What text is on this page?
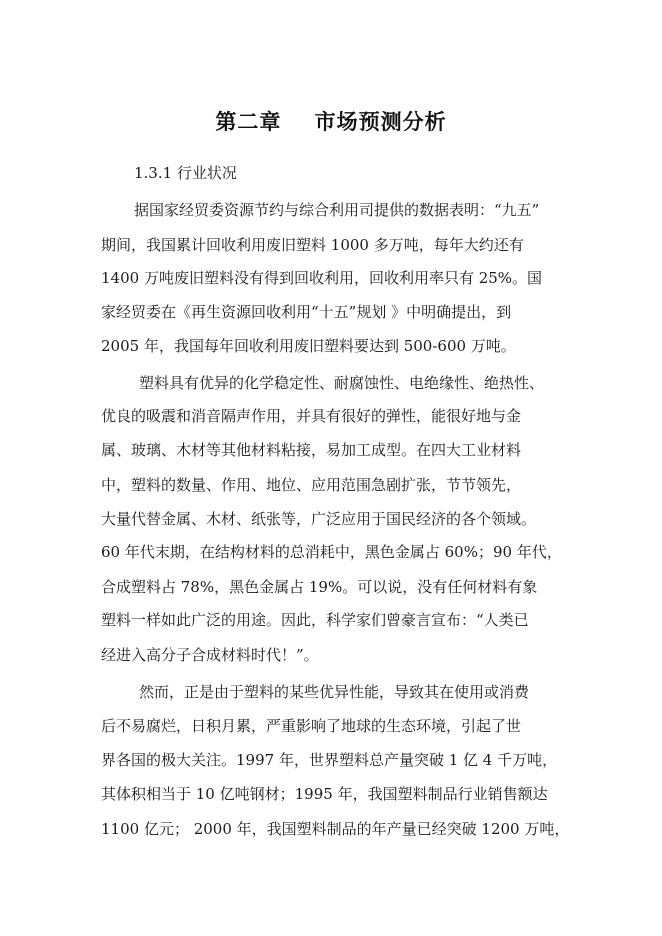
第二章    市场预测分析
1.3.1 行业状况
据国家经贸委资源节约与综合利用司提供的数据表明：“九五”
期间，我国累计回收利用废旧塑料 1000 多万吨，每年大约还有
1400 万吨废旧塑料没有得到回收利用，回收利用率只有 25%。国
家经贸委在《再生资源回收利用“十五”规划 》中明确提出，到
2005 年，我国每年回收利用废旧塑料要达到 500-600 万吨。
塑料具有优异的化学稳定性、耐腐蚀性、电绝缘性、绝热性、
优良的吸震和消音隔声作用，并具有很好的弹性，能很好地与金
属、玻璃、木材等其他材料粘接，易加工成型。在四大工业材料
中，塑料的数量、作用、地位、应用范围急剧扩张，节节领先，
大量代替金属、木材、纸张等，广泛应用于国民经济的各个领域。
60 年代末期，在结构材料的总消耗中，黑色金属占 60%；90 年代，
合成塑料占 78%，黑色金属占 19%。可以说，没有任何材料有象
塑料一样如此广泛的用途。因此，科学家们曾豪言宣布：“人类已
经进入高分子合成材料时代！”。
然而，正是由于塑料的某些优异性能，导致其在使用或消费
后不易腐烂，日积月累，严重影响了地球的生态环境，引起了世
界各国的极大关注。1997 年，世界塑料总产量突破 1 亿 4 千万吨，
其体积相当于 10 亿吨钢材；1995 年，我国塑料制品行业销售额达
1100 亿元； 2000 年，我国塑料制品的年产量已经突破 1200 万吨，
